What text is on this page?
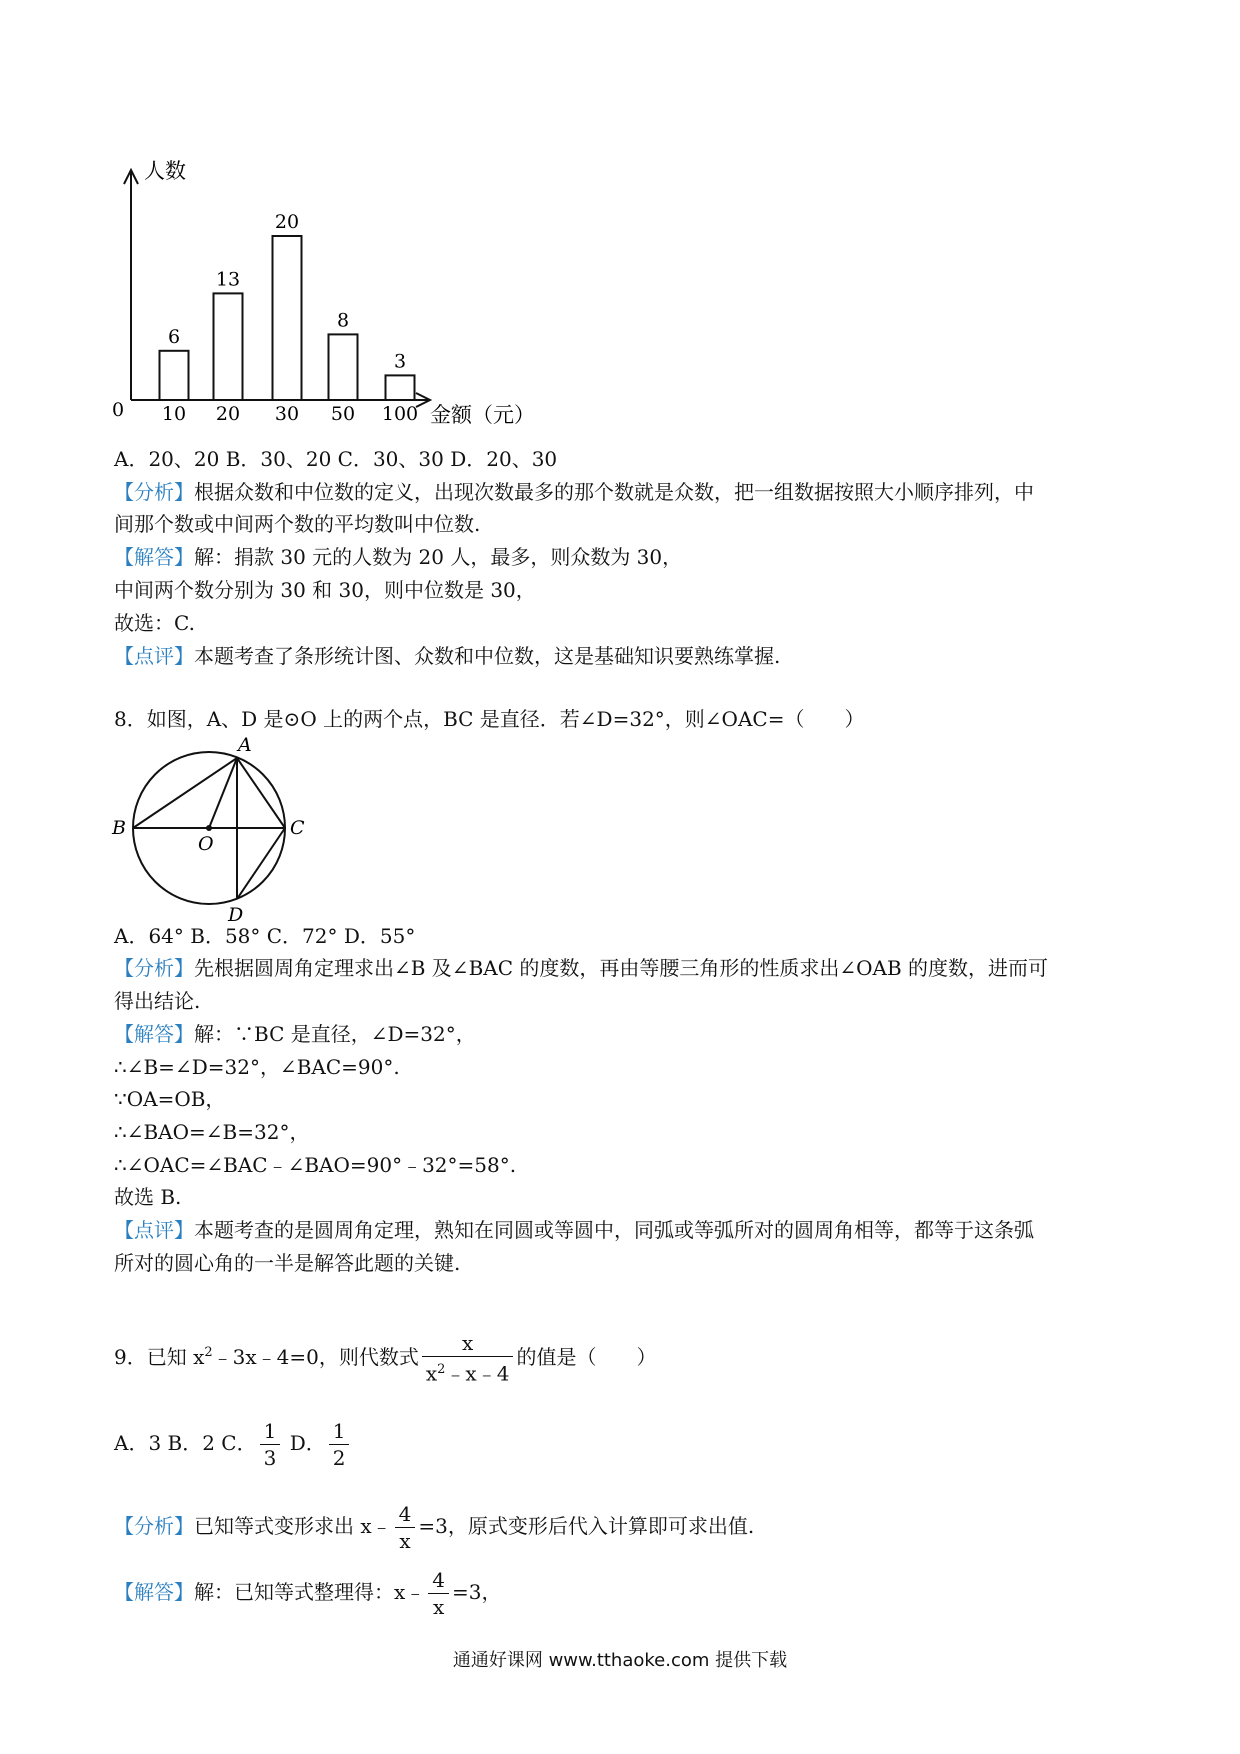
人数
金额（元）
0
6
10
13
20
20
30
8
50
3
100
A．20、20 B．30、20 C．30、30 D．20、30
【分析】根据众数和中位数的定义，出现次数最多的那个数就是众数，把一组数据按照大小顺序排列，中
间那个数或中间两个数的平均数叫中位数.
【解答】解：捐款 30 元的人数为 20 人，最多，则众数为 30，
中间两个数分别为 30 和 30，则中位数是 30，
故选：C.
【点评】本题考查了条形统计图、众数和中位数，这是基础知识要熟练掌握.
8．如图，A、D 是⊙O 上的两个点，BC 是直径．若∠D=32°，则∠OAC=（　　）
A
B	C
D
O
A．64° B．58° C．72° D．55°
【分析】先根据圆周角定理求出∠B 及∠BAC 的度数，再由等腰三角形的性质求出∠OAB 的度数，进而可
得出结论.
【解答】解：∵BC 是直径，∠D=32°，
∴∠B=∠D=32°，∠BAC=90°.
∵OA=OB，
∴∠BAO=∠B=32°，
∴∠OAC=∠BAC﹣∠BAO=90°﹣32°=58°.
故选 B.
【点评】本题考查的是圆周角定理，熟知在同圆或等圆中，同弧或等弧所对的圆周角相等，都等于这条弧
所对的圆心角的一半是解答此题的关键.
9．已知 $x^2﹣3x﹣4=0$，则代数式 $\frac{x}{x^2﹣x﹣4}$ 的值是（　　）
A．3 B．2 C． $\frac{1}{3}$ D． $\frac{1}{2}$
【分析】已知等式变形求出 x﹣ $\frac{4}{x} =3$，原式变形后代入计算即可求出值.
【解答】解：已知等式整理得：x﹣ $\frac{4}{x} =3$，
通通好课网 www.tthaoke.com 提供下载
